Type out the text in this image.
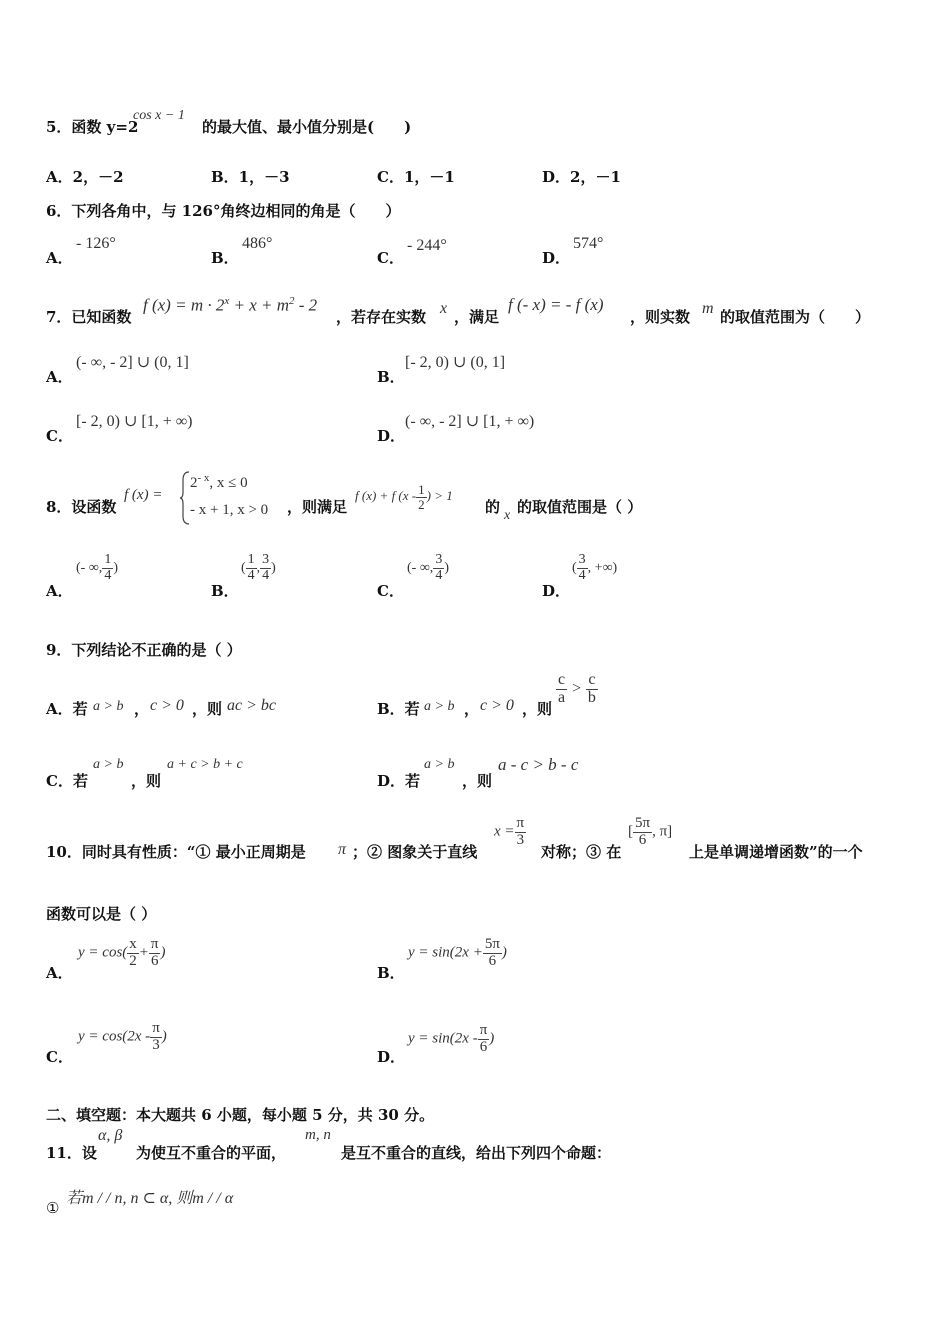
5．函数 y=2
cos x − 1
的最大值、最小值分别是(　　)
A．2，－2	B．1，－3	C．1，－1	D．2，－1
6．下列各角中，与 126°角终边相同的角是（　　）
A．
- 126°
B．
486°
C．
- 244°
D．
574°
7．已知函数
f $(x) = m \cdot 2^x + x + m^2 - 2$
，若存在实数 x ，满足
f (- x) = - f (x)
，则实数 m 的取值范围为（　　）
A．
(- ∞, - 2] ∪ (0, 1]
B．
[- 2, 0) ∪ (0, 1]
C．
[- 2, 0) ∪ [1, + ∞)
D．
(- ∞, - 2] ∪ [1, + ∞)
8．设函数
f (x) =
$2^{- x}$, x ≤ 0
- x + 1, x > 0 ，则满足
f (x) + f ($x - \frac{1}{2}$ ) > 1
的 x 的取值范围是（ ）
A．
(- ∞, $\frac{1}{4}$ )
B．
( $\frac{1}{4}$ , $\frac{3}{4}$ )
C．
(- ∞, $\frac{3}{4}$ )
D．
( $\frac{3}{4}$ , +∞)
9．下列结论不正确的是（ ）
A．若 a > b ， c > 0 ，则 ac > bc	B．若 a > b ， c > 0 ，则
$\frac{c}{a} > \frac{c}{b}$
C．若
a > b
，则
a + c > b + c
D．若
a > b
，则
a - c > b - c
10．同时具有性质：“① 最小正周期是 π ；② 图象关于直线
$x = \frac{\pi}{3}$
对称；③ 在
[ $\frac{5\pi}{6}$ , π]
上是单调递增函数”的一个
函数可以是（ ）
A．
$y = \cos( \frac{x}{2} + \frac{\pi}{6}$ )
B．
$y = \sin(2x + \frac{5\pi}{6}$ )
C．
$y = \cos(2x - \frac{\pi}{3}$ )
D．
$y = \sin(2x - \frac{\pi}{6}$ )
二、填空题：本大题共 6 小题，每小题 5 分，共 30 分。
11．设
α, β
为使互不重合的平面，
m, n
是互不重合的直线，给出下列四个命题：
①
若m / / n, n ⊂ α, 则m / / α
